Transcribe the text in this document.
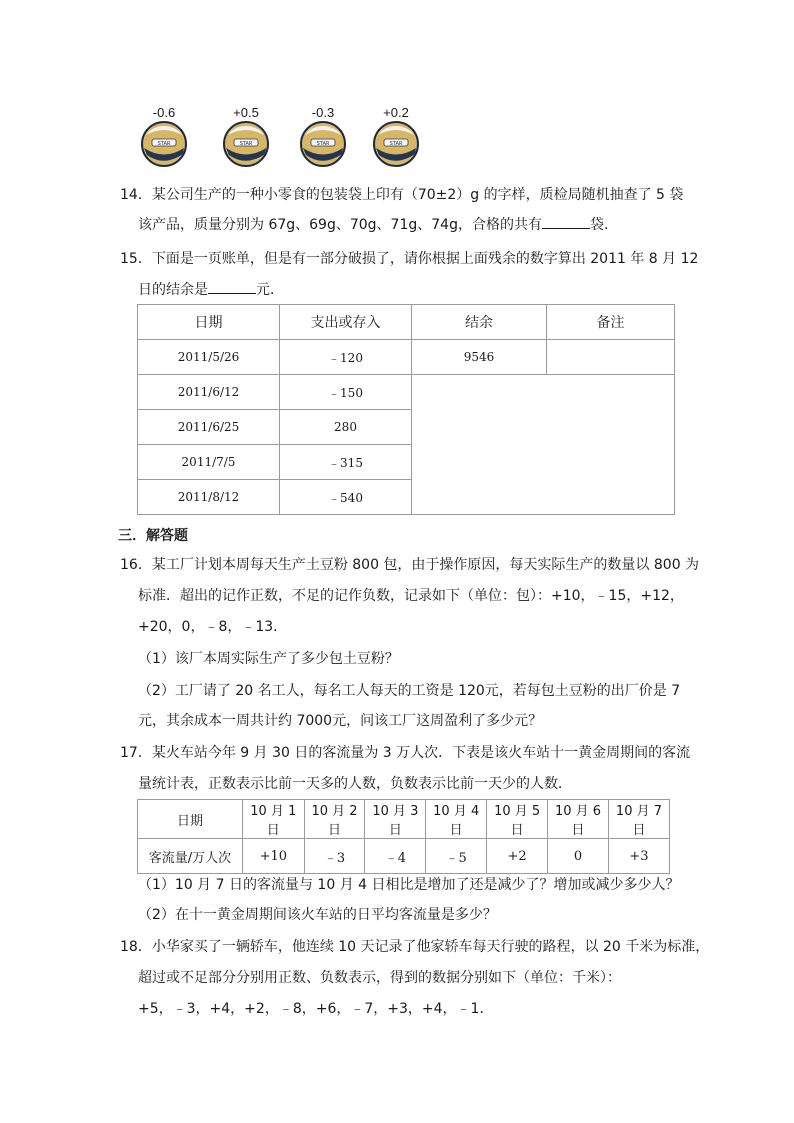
-0.6
STAR
+0.5
STAR
-0.3
STAR
+0.2
STAR
14．某公司生产的一种小零食的包装袋上印有（70±2）g 的字样，质检局随机抽查了 5 袋
该产品，质量分别为 67g、69g、70g、71g、74g，合格的共有	袋．
15．下面是一页账单，但是有一部分破损了，请你根据上面残余的数字算出 2011 年 8 月 12
日的结余是	元．
日期	支出或存入	结余	备注
2011/5/26	﹣120	9546	
2011/6/12	﹣150		
2011/6/25	280		
2011/7/5	﹣315		
2011/8/12	﹣540		
三．解答题
16．某工厂计划本周每天生产土豆粉 800 包，由于操作原因，每天实际生产的数量以 800 为
标准．超出的记作正数，不足的记作负数，记录如下（单位：包）：+10，﹣15，+12，
+20，0，﹣8，﹣13．
（1）该厂本周实际生产了多少包土豆粉？
（2）工厂请了 20 名工人，每名工人每天的工资是 120元，若每包土豆粉的出厂价是 7
元，其余成本一周共计约 7000元，问该工厂这周盈利了多少元？
17．某火车站今年 9 月 30 日的客流量为 3 万人次．下表是该火车站十一黄金周期间的客流
量统计表，正数表示比前一天多的人数，负数表示比前一天少的人数．
日期	10 月 1 日	10 月 2 日	10 月 3 日	10 月 4 日	10 月 5 日	10 月 6 日	10 月 7 日
客流量/万人次	+10	﹣3	﹣4	﹣5	+2	0	+3
（1）10 月 7 日的客流量与 10 月 4 日相比是增加了还是减少了？增加或减少多少人？
（2）在十一黄金周期间该火车站的日平均客流量是多少？
18．小华家买了一辆轿车，他连续 10 天记录了他家轿车每天行驶的路程，以 20 千米为标准，
超过或不足部分分别用正数、负数表示，得到的数据分别如下（单位：千米）：
+5，﹣3，+4，+2，﹣8，+6，﹣7，+3，+4，﹣1．
